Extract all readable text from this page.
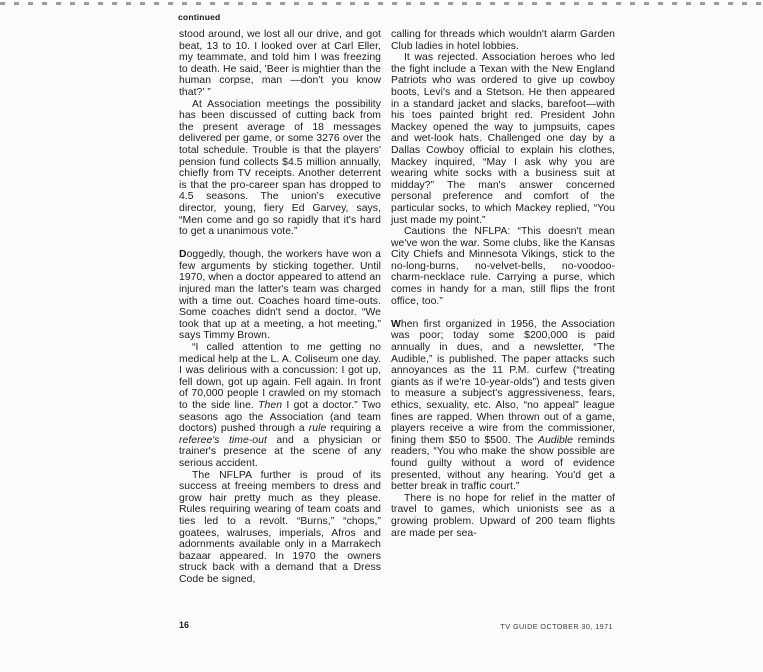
continued

stood around, we lost all our drive, and got beat, 13 to 10. I looked over at Carl Eller, my teammate, and told him I was freezing to death. He said, 'Beer is mightier than the human corpse, man —don't you know that?' ”

At Association meetings the possibility has been discussed of cutting back from the present average of 18 messages delivered per game, or some 3276 over the total schedule. Trouble is that the players' pension fund collects $4.5 million annually, chiefly from TV receipts. Another deterrent is that the pro-career span has dropped to 4.5 seasons. The union's executive director, young, fiery Ed Garvey, says, “Men come and go so rapidly that it's hard to get a unanimous vote.”

Doggedly, though, the workers have won a few arguments by sticking together. Until 1970, when a doctor appeared to attend an injured man the latter's team was charged with a time out. Coaches hoard time-outs. Some coaches didn't send a doctor. “We took that up at a meeting, a hot meeting,” says Timmy Brown.

“I called attention to me getting no medical help at the L. A. Coliseum one day. I was delirious with a concussion: I got up, fell down, got up again. Fell again. In front of 70,000 people I crawled on my stomach to the side line. Then I got a doctor.” Two seasons ago the Association (and team doctors) pushed through a rule requiring a referee's time-out and a physician or trainer's presence at the scene of any serious accident.

The NFLPA further is proud of its success at freeing members to dress and grow hair pretty much as they please. Rules requiring wearing of team coats and ties led to a revolt. “Burns,” “chops,” goatees, walruses, imperials, Afros and adornments available only in a Marrakech bazaar appeared. In 1970 the owners struck back with a demand that a Dress Code be signed,

calling for threads which wouldn't alarm Garden Club ladies in hotel lobbies.

It was rejected. Association heroes who led the fight include a Texan with the New England Patriots who was ordered to give up cowboy boots, Levi's and a Stetson. He then appeared in a standard jacket and slacks, barefoot—with his toes painted bright red. President John Mackey opened the way to jumpsuits, capes and wet-look hats. Challenged one day by a Dallas Cowboy official to explain his clothes, Mackey inquired, “May I ask why you are wearing white socks with a business suit at midday?” The man's answer concerned personal preference and comfort of the particular socks, to which Mackey replied, “You just made my point.”

Cautions the NFLPA: “This doesn't mean we've won the war. Some clubs, like the Kansas City Chiefs and Minnesota Vikings, stick to the no-long-burns, no-velvet-bells, no-voodoo-charm-necklace rule. Carrying a purse, which comes in handy for a man, still flips the front office, too.”

When first organized in 1956, the Association was poor; today some $200,000 is paid annually in dues, and a newsletter, “The Audible,” is published. The paper attacks such annoyances as the 11 P.M. curfew (“treating giants as if we're 10-year-olds”) and tests given to measure a subject's aggressiveness, fears, ethics, sexuality, etc. Also, “no appeal” league fines are rapped. When thrown out of a game, players receive a wire from the commissioner, fining them $50 to $500. The Audible reminds readers, “You who make the show possible are found guilty without a word of evidence presented, without any hearing. You'd get a better break in traffic court.”

There is no hope for relief in the matter of travel to games, which unionists see as a growing problem. Upward of 200 team flights are made per sea-

16	TV GUIDE OCTOBER 30, 1971
